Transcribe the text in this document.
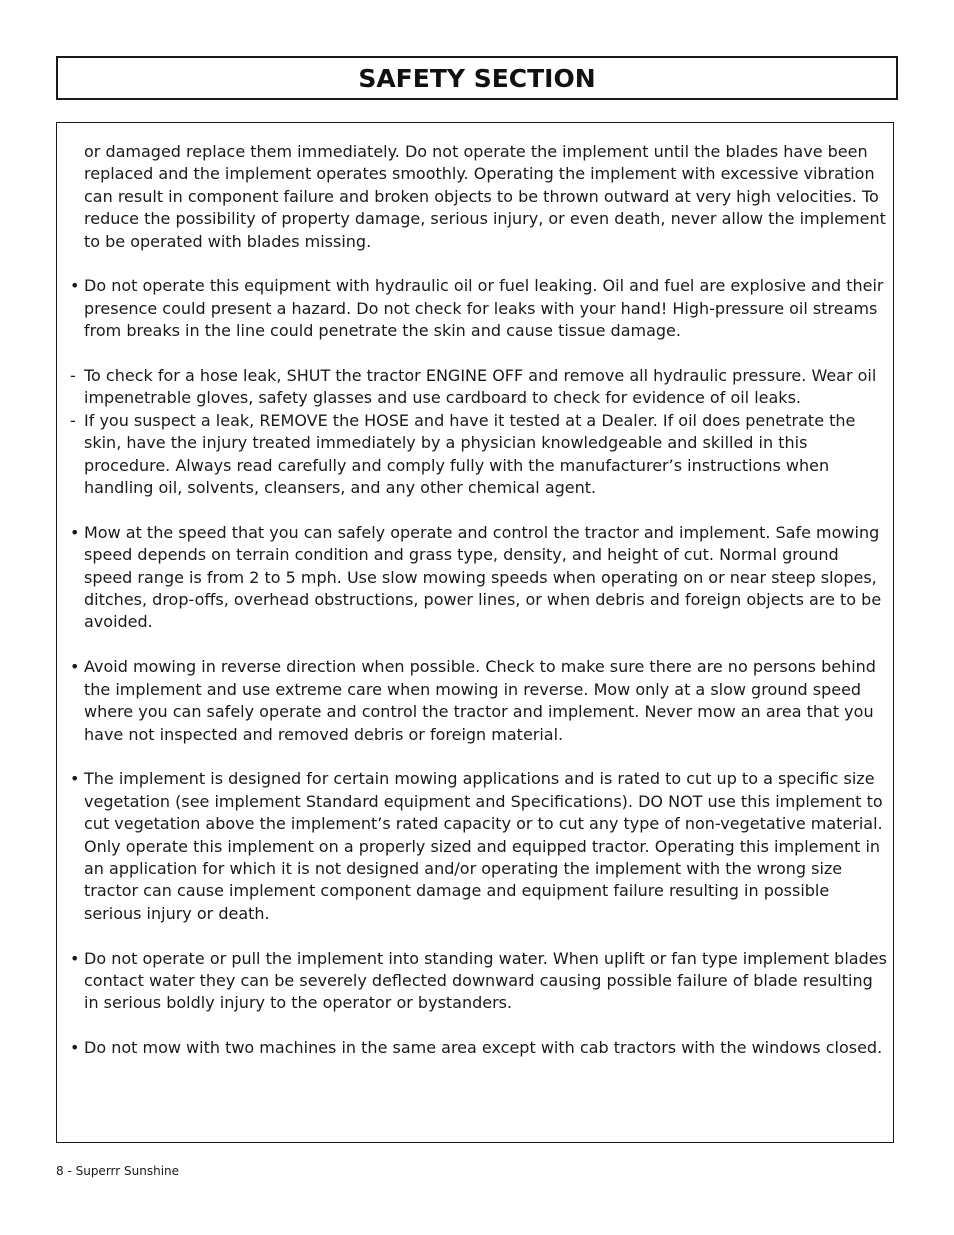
SAFETY SECTION

or damaged replace them immediately. Do not operate the implement until the blades have been replaced and the implement operates smoothly. Operating the implement with excessive vibration can result in component failure and broken objects to be thrown outward at very high velocities. To reduce the possibility of property damage, serious injury, or even death, never allow the implement to be operated with blades missing.

• Do not operate this equipment with hydraulic oil or fuel leaking. Oil and fuel are explosive and their presence could present a hazard. Do not check for leaks with your hand! High-pressure oil streams from breaks in the line could penetrate the skin and cause tissue damage.

- To check for a hose leak, SHUT the tractor ENGINE OFF and remove all hydraulic pressure. Wear oil impenetrable gloves, safety glasses and use cardboard to check for evidence of oil leaks.

- If you suspect a leak, REMOVE the HOSE and have it tested at a Dealer. If oil does penetrate the skin, have the injury treated immediately by a physician knowledgeable and skilled in this procedure. Always read carefully and comply fully with the manufacturer’s instructions when handling oil, solvents, cleansers, and any other chemical agent.

• Mow at the speed that you can safely operate and control the tractor and implement. Safe mowing speed depends on terrain condition and grass type, density, and height of cut. Normal ground speed range is from 2 to 5 mph. Use slow mowing speeds when operating on or near steep slopes, ditches, drop-offs, overhead obstructions, power lines, or when debris and foreign objects are to be avoided.

• Avoid mowing in reverse direction when possible. Check to make sure there are no persons behind the implement and use extreme care when mowing in reverse. Mow only at a slow ground speed where you can safely operate and control the tractor and implement. Never mow an area that you have not inspected and removed debris or foreign material.

• The implement is designed for certain mowing applications and is rated to cut up to a specific size vegetation (see implement Standard equipment and Specifications). DO NOT use this implement to cut vegetation above the implement’s rated capacity or to cut any type of non-vegetative material. Only operate this implement on a properly sized and equipped tractor. Operating this implement in an application for which it is not designed and/or operating the implement with the wrong size tractor can cause implement component damage and equipment failure resulting in possible serious injury or death.

• Do not operate or pull the implement into standing water. When uplift or fan type implement blades contact water they can be severely deflected downward causing possible failure of blade resulting in serious boldly injury to the operator or bystanders.

• Do not mow with two machines in the same area except with cab tractors with the windows closed.

8 - Superrr Sunshine
